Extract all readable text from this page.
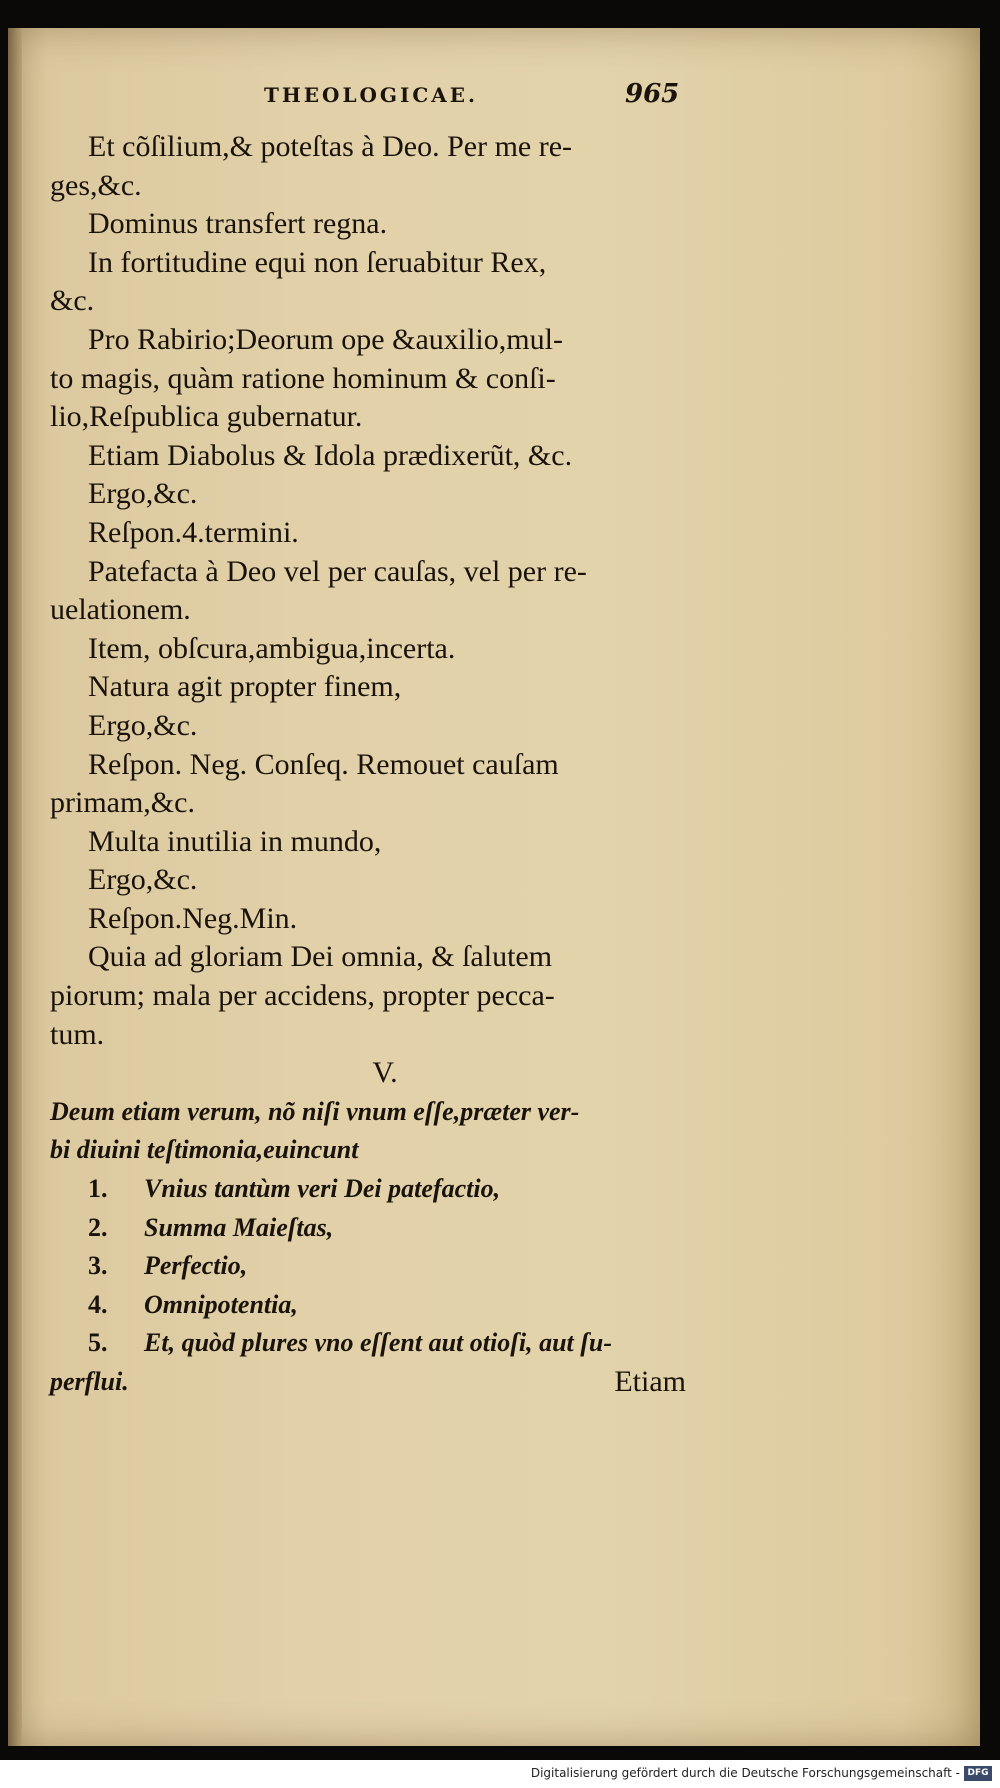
THEOLOGICAE.	965
Et cõſilium,& poteſtas à Deo. Per me re-
ges,&c.
Dominus transfert regna.
In fortitudine equi non ſeruabitur Rex,
&c.
Pro Rabirio;Deorum ope &auxilio,mul-
to magis, quàm ratione hominum & conſi-
lio,Reſpublica gubernatur.
Etiam Diabolus & Idola prædixerũt, &c.
Ergo,&c.
Reſpon.4.termini.
Patefacta à Deo vel per cauſas, vel per re-
uelationem.
Item, obſcura,ambigua,incerta.
Natura agit propter finem,
Ergo,&c.
Reſpon. Neg. Conſeq. Remouet cauſam
primam,&c.
Multa inutilia in mundo,
Ergo,&c.
Reſpon.Neg.Min.
Quia ad gloriam Dei omnia, & ſalutem
piorum; mala per accidens, propter pecca-
tum.
V.
Deum etiam verum, nõ niſi vnum eſſe,præter ver-
bi diuini teſtimonia,euincunt
1. Vnius tantùm veri Dei patefactio,
2. Summa Maieſtas,
3. Perfectio,
4. Omnipotentia,
5. Et, quòd plures vno eſſent aut otioſi, aut ſu-
perflui.	Etiam
Digitalisierung gefördert durch die Deutsche Forschungsgemeinschaft - DFG
